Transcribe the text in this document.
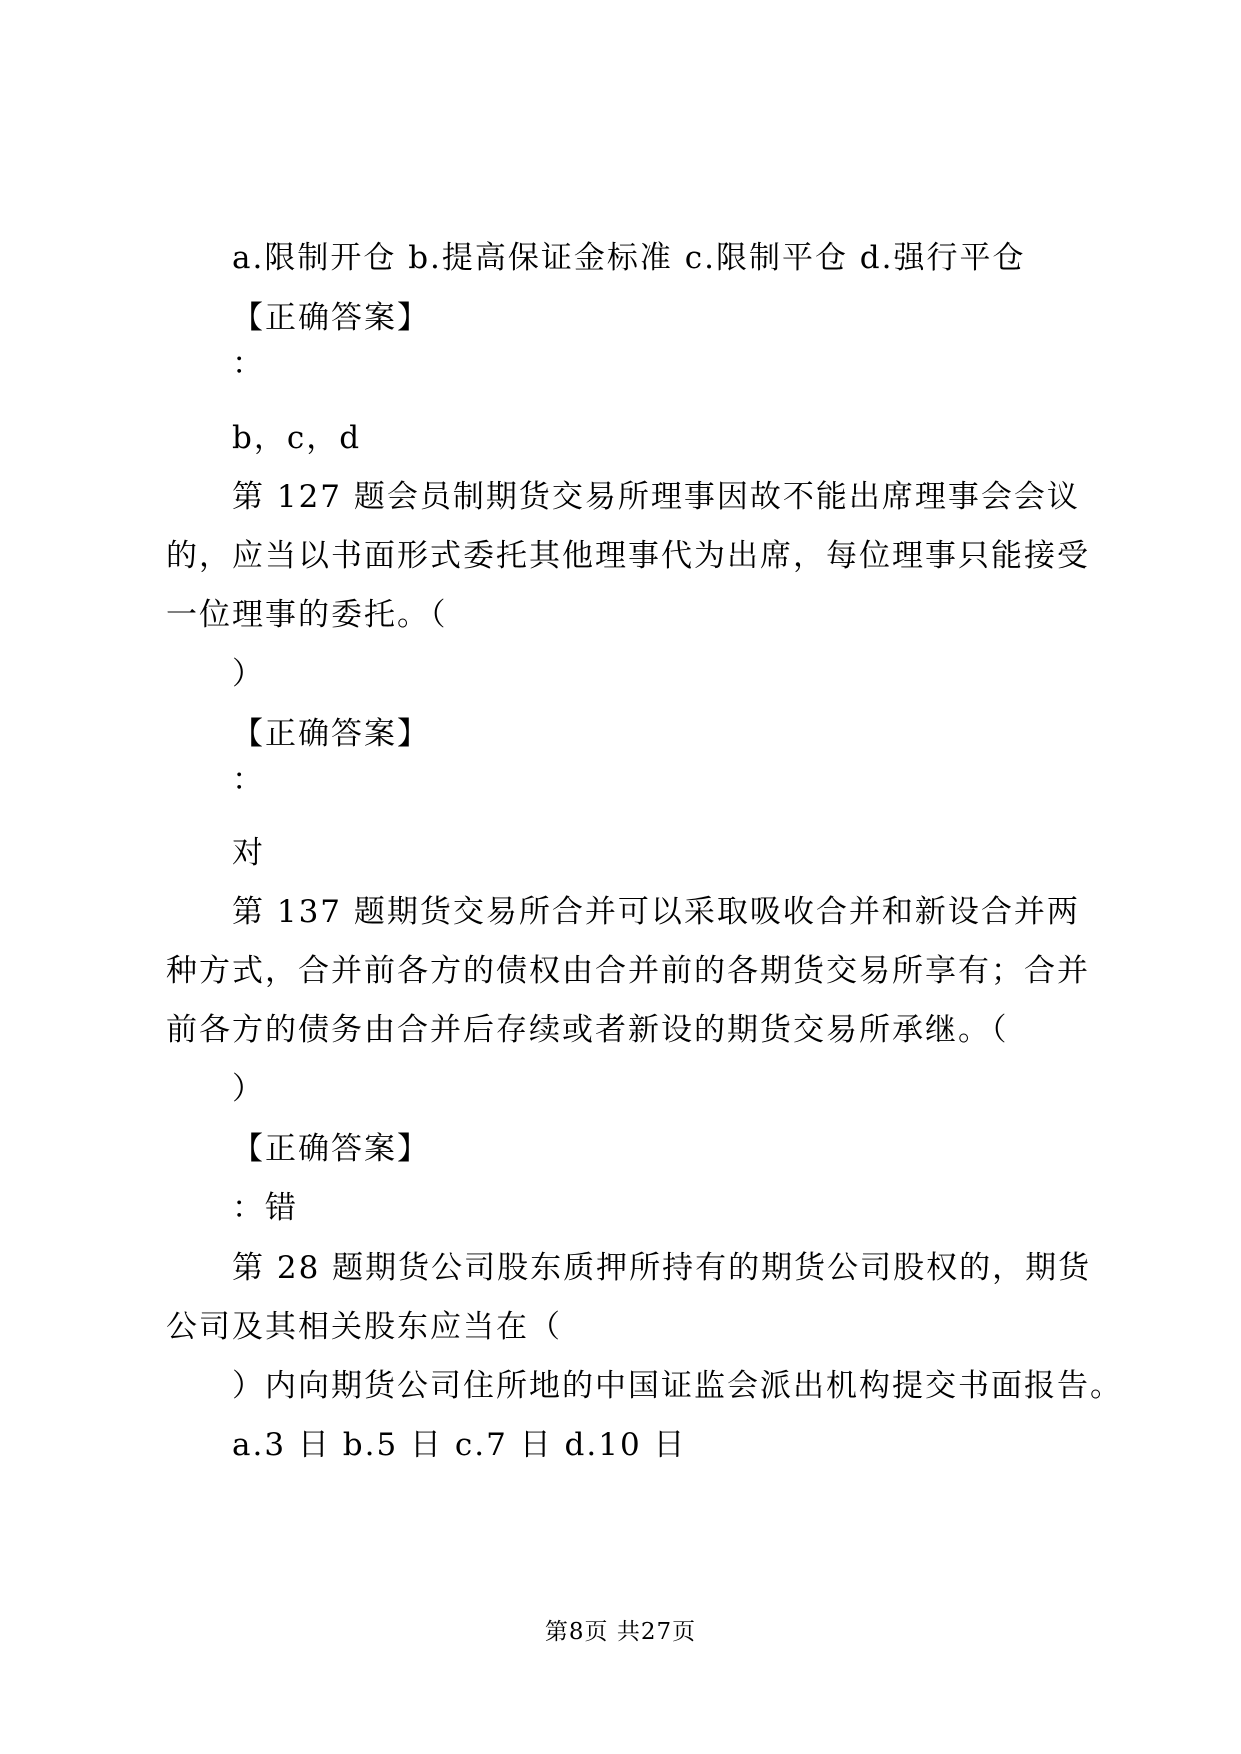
a.限制开仓 b.提高保证金标准 c.限制平仓 d.强行平仓
【正确答案】
：
b，c，d
第 127 题会员制期货交易所理事因故不能出席理事会会议
的，应当以书面形式委托其他理事代为出席，每位理事只能接受
一位理事的委托。（
）
【正确答案】
：
对
第 137 题期货交易所合并可以采取吸收合并和新设合并两
种方式，合并前各方的债权由合并前的各期货交易所享有；合并
前各方的债务由合并后存续或者新设的期货交易所承继。（
）
【正确答案】
：错
第 28 题期货公司股东质押所持有的期货公司股权的，期货
公司及其相关股东应当在（
）内向期货公司住所地的中国证监会派出机构提交书面报告。
a.3 日 b.5 日 c.7 日 d.10 日
第8页 共27页
